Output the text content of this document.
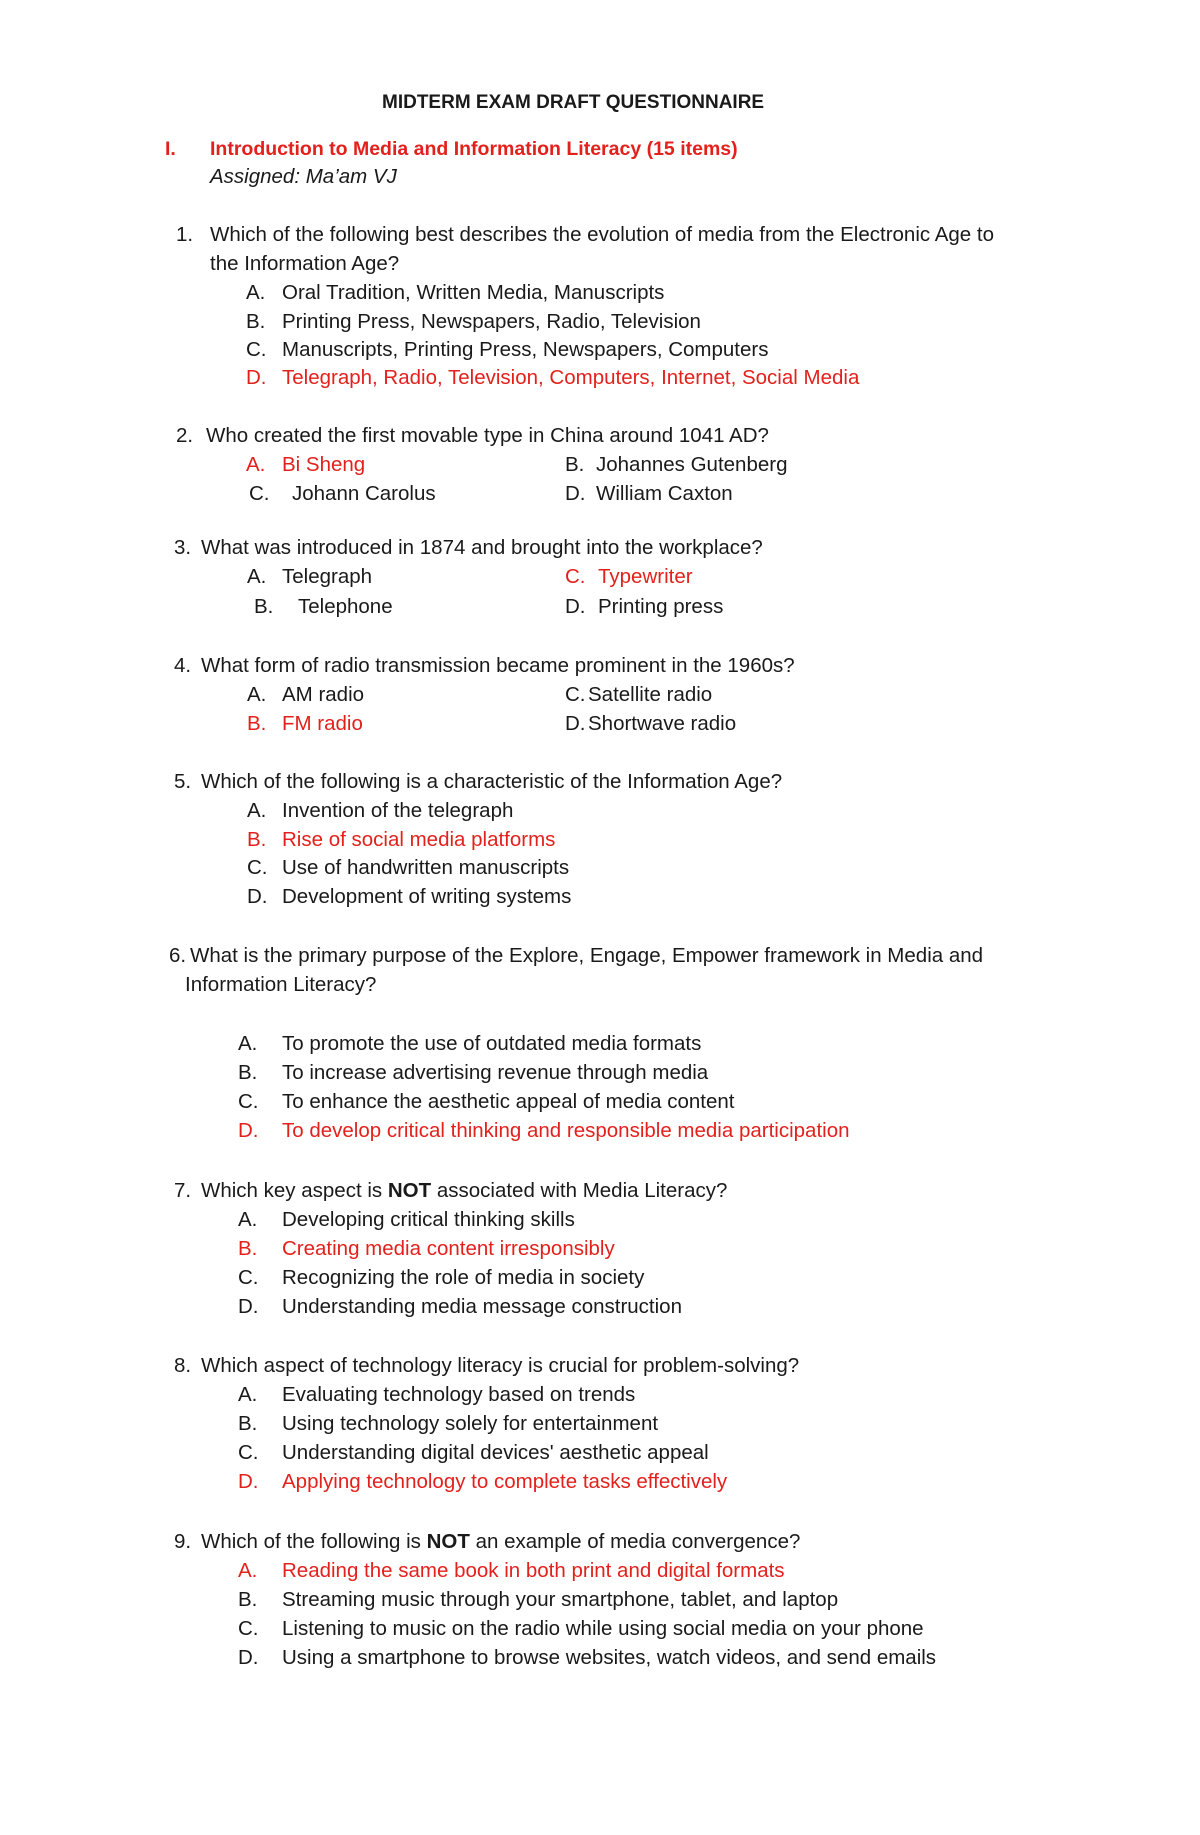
MIDTERM EXAM DRAFT QUESTIONNAIRE
I. Introduction to Media and Information Literacy (15 items)
Assigned: Ma’am VJ
1. Which of the following best describes the evolution of media from the Electronic Age to
the Information Age?
A. Oral Tradition, Written Media, Manuscripts
B. Printing Press, Newspapers, Radio, Television
C. Manuscripts, Printing Press, Newspapers, Computers
D. Telegraph, Radio, Television, Computers, Internet, Social Media
2. Who created the first movable type in China around 1041 AD?
A. Bi Sheng	B. Johannes Gutenberg
C. Johann Carolus	D. William Caxton
3. What was introduced in 1874 and brought into the workplace?
A. Telegraph	C. Typewriter
B. Telephone	D. Printing press
4. What form of radio transmission became prominent in the 1960s?
A. AM radio	C. Satellite radio
B. FM radio	D. Shortwave radio
5. Which of the following is a characteristic of the Information Age?
A. Invention of the telegraph
B. Rise of social media platforms
C. Use of handwritten manuscripts
D. Development of writing systems
6. What is the primary purpose of the Explore, Engage, Empower framework in Media and
Information Literacy?
A. To promote the use of outdated media formats
B. To increase advertising revenue through media
C. To enhance the aesthetic appeal of media content
D. To develop critical thinking and responsible media participation
7. Which key aspect is NOT associated with Media Literacy?
A. Developing critical thinking skills
B. Creating media content irresponsibly
C. Recognizing the role of media in society
D. Understanding media message construction
8. Which aspect of technology literacy is crucial for problem-solving?
A. Evaluating technology based on trends
B. Using technology solely for entertainment
C. Understanding digital devices' aesthetic appeal
D. Applying technology to complete tasks effectively
9. Which of the following is NOT an example of media convergence?
A. Reading the same book in both print and digital formats
B. Streaming music through your smartphone, tablet, and laptop
C. Listening to music on the radio while using social media on your phone
D. Using a smartphone to browse websites, watch videos, and send emails
